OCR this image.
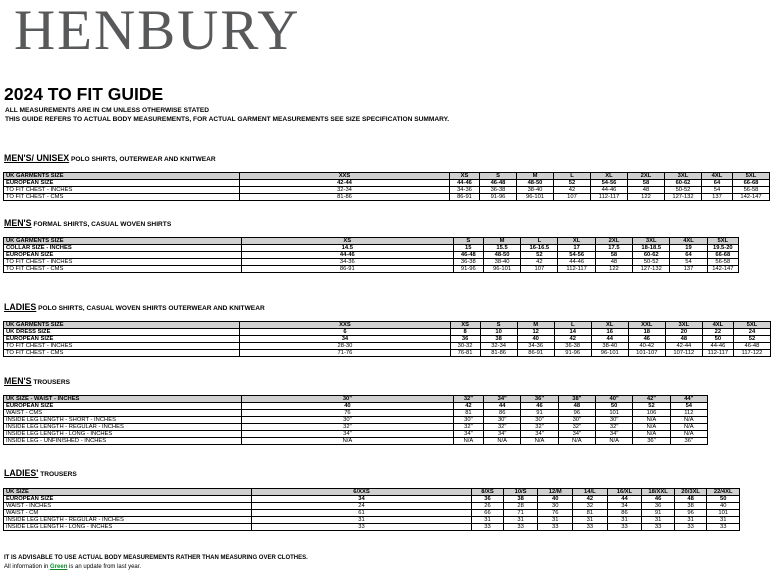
HENBURY
2024 TO FIT GUIDE
ALL MEASUREMENTS ARE IN CM UNLESS OTHERWISE STATED
THIS GUIDE REFERS TO ACTUAL BODY MEASUREMENTS, FOR ACTUAL GARMENT MEASUREMENTS SEE SIZE SPECIFICATION SUMMARY.
MEN'S/ UNISEX POLO SHIRTS, OUTERWEAR AND KNITWEAR
UK GARMENTS SIZE	XXS	XS	S	M	L	XL	2XL	3XL	4XL	5XL
EUROPEAN SIZE	42-44	44-46	46-48	48-50	52	54-56	58	60-62	64	66-68
TO FIT CHEST - INCHES	32-34	34-36	36-38	38-40	42	44-46	48	50-52	54	56-58
TO FIT CHEST - CMS	81-86	86-91	91-96	96-101	107	112-117	122	127-132	137	142-147
MEN'S FORMAL SHIRTS, CASUAL WOVEN SHIRTS
UK GARMENTS SIZE	XS	S	M	L	XL	2XL	3XL	4XL	5XL
COLLAR SIZE - INCHES	14.5	15	15.5	16-16.5	17	17.5	18-18.5	19	19.5-20
EUROPEAN SIZE	44-46	46-48	48-50	52	54-56	58	60-62	64	66-68
TO FIT CHEST - INCHES	34-36	36-38	38-40	42	44-46	48	50-52	54	56-58
TO FIT CHEST - CMS	86-91	91-96	96-101	107	112-117	122	127-132	137	142-147
LADIES POLO SHIRTS, CASUAL WOVEN SHIRTS OUTERWEAR AND KNITWEAR
UK GARMENTS SIZE	XXS	XS	S	M	L	XL	XXL	3XL	4XL	5XL
UK DRESS SIZE	6	8	10	12	14	16	18	20	22	24
EUROPEAN SIZE	34	36	38	40	42	44	46	48	50	52
TO FIT CHEST - INCHES	28-30	30-32	32-34	34-36	36-38	38-40	40-42	42-44	44-46	46-48
TO FIT CHEST - CMS	71-76	76-81	81-86	86-91	91-96	96-101	101-107	107-112	112-117	117-122
MEN'S TROUSERS
UK SIZE - WAIST - INCHES	30"	32"	34"	36"	38"	40"	42"	44"
EUROPEAN SIZE	40	42	44	46	48	50	52	54
WAIST - CMS	76	81	86	91	96	101	106	112
INSIDE LEG LENGTH - SHORT - INCHES	30"	30"	30"	30"	30"	30"	N/A	N/A
INSIDE LEG LENGTH - REGULAR - INCHES	32"	32"	32"	32"	32"	32"	N/A	N/A
INSIDE LEG LENGTH - LONG - INCHES	34"	34"	34"	34"	34"	34"	N/A	N/A
INSIDE LEG - UNFINISHED - INCHES	N/A	N/A	N/A	N/A	N/A	N/A	36"	36"
LADIES' TROUSERS
UK SIZE	6/XXS	8/XS	10/S	12/M	14/L	16/XL	18/XXL	20/3XL	22/4XL
EUROPEAN SIZE	34	36	38	40	42	44	46	48	50
WAIST - INCHES	24	26	28	30	32	34	36	38	40
WAIST - CM	61	66	71	76	81	86	91	96	101
INSIDE LEG LENGTH - REGULAR - INCHES	31	31	31	31	31	31	31	31	31
INSIDE LEG LENGTH - LONG - INCHES	33	33	33	33	33	33	33	33	33
IT IS ADVISABLE TO USE ACTUAL BODY MEASUREMENTS RATHER THAN MEASURING OVER CLOTHES.
All information in Green is an update from last year.
